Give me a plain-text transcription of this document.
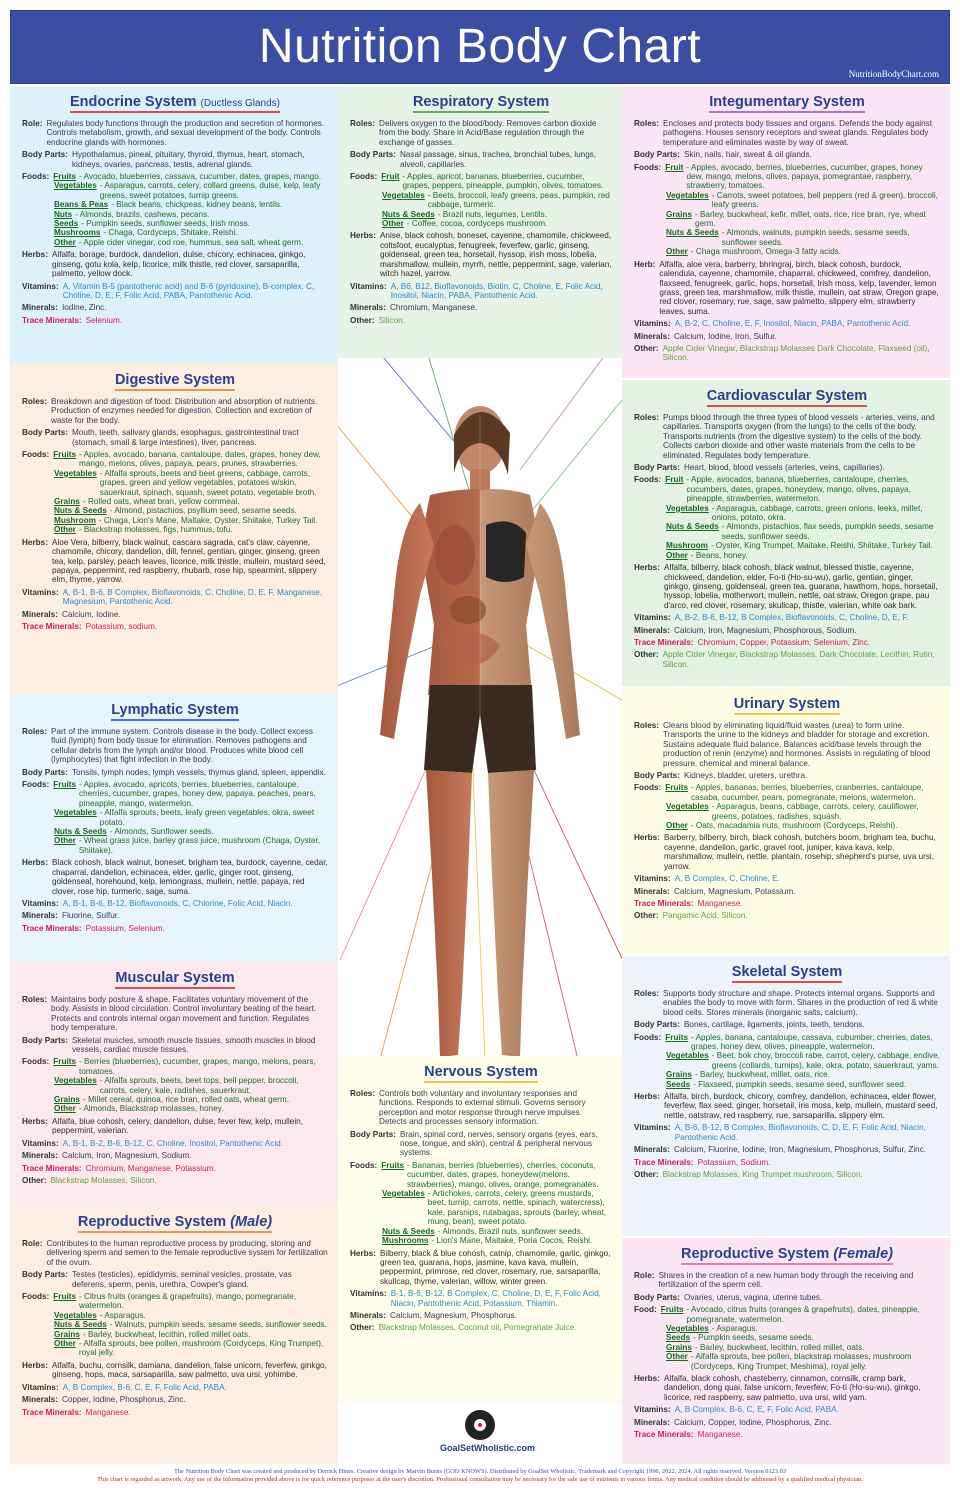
Nutrition Body Chart
NutritionBodyChart.com
Endocrine System (Ductless Glands)
Role: Regulates body functions through the production and secretion of hormones. Controls metabolism, growth, and sexual development of the body. Controls endocrine glands with hormones.
Body Parts: Hypothalamus, pineal, pituitary, thyroid, thymus, heart, stomach, kidneys, ovaries, pancreas, testis, adrenal glands.
Foods: Fruits - Avocado, blueberries, cassava, cucumber, dates, grapes, mango.
Vegetables - Asparagus, carrots, celery, collard greens, dulse, kelp, leafy greens, sweet potatoes, turnip greens.
Beans & Peas - Black beans, chickpeas, kidney beans, lentils.
Nuts - Almonds, brazils, cashews, pecans.
Seeds - Pumpkin seeds, sunflower seeds, Irish moss.
Mushrooms - Chaga, Cordyceps, Shitake, Reishi.
Other - Apple cider vinegar, cod roe, hummus, sea salt, wheat germ.
Herbs: Alfalfa, borage, burdock, dandelion, dulse, chicory, echinacea, ginkgo, ginseng, gotu kola, kelp, licorice, milk thistle, red clover, sarsaparilla, palmetto, yellow dock.
Vitamins: A, Vitamin B-5 (pantothenic acid) and B-6 (pyridoxine), B-complex, C, Choline, D, E, F, Folic Acid, PABA, Pantothenic Acid.
Minerals: Iodine, Zinc.
Trace Minerals: Selenium.
Respiratory System
Roles: Delivers oxygen to the blood/body. Removes carbon dioxide from the body. Share in Acid/Base regulation through the exchange of gasses.
Body Parts: Nasal passage, sinus, trachea, bronchial tubes, lungs, alveoli, capillaries.
Foods: Fruit - Apples, apricot, bananas, blueberries, cucumber, grapes, peppers, pineapple, pumpkin, olives, tomatoes.
Vegetables - Beets, broccoli, leafy greens, peas, pumpkin, red cabbage, turmeric.
Nuts & Seeds - Brazil nuts, legumes, Lentils.
Other - Coffee, cocoa, cordyceps mushroom.
Herbs: Anise, black cohosh, boneset, cayenne, chamomile, chickweed, coltsfoot, eucalyptus, fenugreek, feverfew, garlic, ginseng, goldenseal, green tea, horsetail, hyssop, irish moss, lobelia, marshmallow, mullein, myrrh, nettle, peppermint, sage, valerian, witch hazel, yarrow.
Vitamins: A, B6, B12, Bioflavonoids, Biotin, C, Choline, E, Folic Acid, Inositol, Niacin, PABA, Pantothenic Acid.
Minerals: Chromium, Manganese.
Other: Silicon.
Integumentary System
Roles: Encloses and protects body tissues and organs. Defends the body against pathogens. Houses sensory receptors and sweat glands. Regulates body temperature and eliminates waste by way of sweat.
Body Parts: Skin, nails, hair, sweat & oil glands.
Foods: Fruit - Apples, avocado, berries, blueberries, cucumber, grapes, honey dew, mango, melons, olives, papaya, pomegrantae, raspberry, strawberry, tomatoes.
Vegetables - Carrots, sweet potatoes, bell peppers (red & green), broccoli, leafy greens.
Grains - Barley, buckwheat, kefir, millet, oats, rice, rice bran, rye, wheat germ.
Nuts & Seeds - Almonds, walnuts, pumpkin seeds, sesame seeds, sunflower seeds.
Other - Chaga mushroom, Omega-3 fatty acids.
Herb: Alfalfa, aloe vera, barberry, bhringraj, birch, black cohosh, burdock, calendula, cayenne, chamomile, chaparral, chickweed, comfrey, dandelion, flaxseed, fenugreek, garlic, hops, horsetail, Irish moss, kelp, lavender, lemon grass, green tea, marshmallow, milk thistle, mullein, oat straw, Oregon grape, red clover, rosemary, rue, sage, saw palmetto, slippery elm, strawberry leaves, suma.
Vitamins: A, B-2, C, Choline, E, F, Inositol, Niacin, PABA, Pantothenic Acid.
Minerals: Calcium, Iodine, Iron, Sulfur.
Other: Apple Cider Vinegar, Blackstrap Molasses Dark Chocolate, Flaxseed (oil), Silicon.
Digestive System
Roles: Breakdown and digestion of food. Distribution and absorption of nutrients. Production of enzymes needed for digestion. Collection and excretion of waste for the body.
Body Parts: Mouth, teeth, salivary glands, esophagus, gastrointestinal tract (stomach, small & large intestines), liver, pancreas.
Foods: Fruits - Apples, avocado, banana, cantaloupe, dates, grapes, honey dew, mango, melons, olives, papaya, pears, prunes, strawberries.
Vegetables - Alfalfa sprouts, beets and beet greens, cabbage, carrots, grapes, green and yellow vegetables, potatoes w/skin, sauerkraut, spinach, squash, sweet potato, vegetable broth.
Grains - Rolled oats, wheat bran, yellow cornmeal.
Nuts & Seeds - Almond, pistachios, psyllium seed, sesame seeds.
Mushroom - Chaga, Lion's Mane, Maitake, Oyster, Shiitake, Turkey Tail.
Other - Blackstrap molasses, figs, hummus, tofu.
Herbs: Aloe Vera, bilberry, black walnut, cascara sagrada, cat's claw, cayenne, chamomile, chicory, dandelion, dill, fennel, gentian, ginger, ginseng, green tea, kelp, parsley, peach leaves, licorice, milk thistle, mullein, mustard seed, papaya, peppermint, red raspberry, rhubarb, rose hip, spearmint, slippery elm, thyme, yarrow.
Vitamins: A, B-1, B-6, B Complex, Bioflavonoids, C, Choline, D, E, F, Manganese, Magnesium, Pantothenic Acid.
Minerals: Calcium, Iodine.
Trace Minerals: Potassium, sodium.
Cardiovascular System
Roles: Pumps blood through the three types of blood vessels - arteries, veins, and capillaries. Transports oxygen (from the lungs) to the cells of the body. Transports nutrients (from the digestive system) to the cells of the body. Collects carbon dioxide and other waste materials from the cells to be eliminated. Regulates body temperature.
Body Parts: Heart, blood, blood vessels (arteries, veins, capillaries).
Foods: Fruit - Apple, avocados, banana, blueberries, cantaloupe, cherries, cucumbers, dates, grapes, honeydew, mango, olives, papaya, pineapple, strawberries, watermelon.
Vegetables - Asparagus, cabbage, carrots, green onions, leeks, millet, onions, potato, okra.
Nuts & Seeds - Almonds, pistachios, flax seeds, pumpkin seeds, sesame seeds, sunflower seeds.
Mushroom - Oyster, King Trumpet, Maitake, Reishi, Shiitake, Turkey Tail.
Other - Beans, honey.
Herbs: Alfalfa, bilberry, black cohosh, black walnut, blessed thistle, cayenne, chickweed, dandelion, elder, Fo-ti (Ho-su-wu), garlic, gentian, ginger, ginkgo, ginseng, goldenseal, green tea, guarana, hawthorn, hops, horsetail, hyssop, lobelia, motherwort, mullein, nettle, oat straw, Oregon grape, pau d'arco, red clover, rosemary, skullcap, thistle, valerian, white oak bark.
Vitamins: A, B-2, B-6, B-12, B Complex, Bioflavonoids, C, Choline, D, E, F.
Minerals: Calcium, Iron, Magnesium, Phosphorous, Sodium.
Trace Minerals: Chromium, Copper, Potassium, Selenium, Zinc.
Other: Apple Cider Vinegar, Blackstrap Molasses, Dark Chocolate, Lecithin, Rutin, Silicon.
Lymphatic System
Roles: Part of the immune system. Controls disease in the body. Collect excess fluid (lymph) from body tissue for elimination. Removes pathogens and cellular debris from the lymph and/or blood. Produces white blood cell (lymphocytes) that fight infection in the body.
Body Parts: Tonsils, lymph nodes, lymph vessels, thymus gland, spleen, appendix.
Foods: Fruits - Apples, avocado, apricots, berries, blueberries, cantaloupe, cherries, cucumber, grapes, honey dew, papaya, peaches, pears, pineapple, mango, watermelon.
Vegetables - Alfalfa sprouts, beets, leafy green vegetables, okra, sweet potato.
Nuts & Seeds - Almonds, Sunflower seeds.
Other - Wheat grass juice, barley grass juice, mushroom (Chaga, Oyster, Shiitake).
Herbs: Black cohosh, black walnut, boneset, brigham tea, burdock, cayenne, cedar, chaparral, dandelion, echinacea, elder, garlic, ginger root, ginseng, goldenseal, horehound, kelp, lemongrass, mullein, nettle, papaya, red clover, rose hip, turmeric, sage, suma.
Vitamins: A, B-1, B-6, B-12, Bioflavonoids, C, Chlorine, Folic Acid, Niacin.
Minerals: Fluorine, Sulfur.
Trace Minerals: Potassium, Selenium.
Urinary System
Roles: Cleans blood by eliminating liquid/fluid wastes (urea) to form urine. Transports the urine to the kidneys and bladder for storage and excretion. Sustains adequate fluid balance. Balances acid/base levels through the production of renin (enzyme) and hormones. Assists in regulating of blood pressure, chemical and mineral balance.
Body Parts: Kidneys, bladder, ureters, urethra.
Foods: Fruits - Apples, bananas, berries, blueberries, cranberries, cantaloupe, casaba, cucumber, pears, pomegranate, melons, watermelon.
Vegetables - Asparagus, beans, cabbage, carrots, celery, cauliflower, greens, potatoes, radishes, squash.
Other - Oats, macadamia nuts, mushroom (Cordyceps, Reishi).
Herbs: Barberry, bilberry, birch, black cohosh, butchers boom, brigham tea, buchu, cayenne, dandelion, garlic, gravel root, juniper, kava kava, kelp, marshmallow, mullein, nettle, plantain, rosehip, shepherd's purse, uva ursi, yarrow.
Vitamins: A, B Complex, C, Choline, E.
Minerals: Calcium, Magnesium, Potassium.
Trace Minerals: Manganese.
Other: Pangamic Acid, Silicon.
Muscular System
Roles: Maintains body posture & shape. Facilitates voluntary movement of the body. Assists in blood circulation. Control involuntary beating of the heart. Protects and controls internal organ movement and function. Regulates body temperature.
Body Parts: Skeletal muscles, smooth muscle tissues, smooth muscles in blood vessels, cardiac muscle tissues.
Foods: Fruits - Berries (blueberries), cucumber, grapes, mango, melons, pears, tomatoes.
Vegetables - Alfalfa sprouts, beets, beet tops, bell pepper, broccoli, carrots, celery, kale, radishes, sauerkraut.
Grains - Millet cereal, quinoa, rice bran, rolled oats, wheat germ.
Other - Almonds, Blackstrap molasses, honey.
Herbs: Alfalfa, blue cohosh, celery, dandelion, dulse, fever few, kelp, mullein, peppermint, valerian.
Vitamins: A, B-1, B-2, B-6, B-12, C, Choline, Inositol, Pantothenic Acid.
Minerals: Calcium, Iron, Magnesium, Sodium.
Trace Minerals: Chromium, Manganese, Potassium.
Other: Blackstrap Molasses, Silicon.
Skeletal System
Roles: Supports body structure and shape. Protects internal organs. Supports and enables the body to move with form. Shares in the production of red & white blood cells. Stores minerals (inorganic salts, calcium).
Body Parts: Bones, cartilage, ligaments, joints, teeth, tendons.
Foods: Fruits - Apples, banana, cantaloupe, cassava, cubumber, cherries, dates, grapes, honey dew, olives, pineapple, watermelon.
Vegetables - Beet, bok choy, broccoli rabe, carrot, celery, cabbage, endive, greens (collards, turnips), kale, okra, potato, sauerkraut, yams.
Grains - Barley, buckwheat, millet, oats, rice.
Seeds - Flaxseed, pumpkin seeds, sesame seed, sunflower seed.
Herbs: Alfalfa, birch, burdock, chicory, comfrey, dandelion, echinacea, elder flower, feverfew, flax seed, ginger, horsetail, iris moss, kelp, mullein, mustard seed, nettle, oatstraw, red raspberry, rue, sarsaparilla, slippery elm.
Vitamins: A, B-6, B-12, B Complex, Bioflavonoids, C, D, E, F, Folic Acid, Niacin, Pantothenic Acid.
Minerals: Calcium, Fluorine, Iodine, Iron, Magnesium, Phosphorus, Sulfur, Zinc.
Trace Minerals: Potassium, Sodium.
Other: Blackstrap Molasses, King Trumpet mushroom, Silicon.
Nervous System
Roles: Controls both voluntary and involuntary responses and functions. Responds to external stimuli. Governs sensory perception and motor response through nerve impulses. Detects and processes sensory information.
Body Parts: Brain, spinal cord, nerves, sensory organs (eyes, ears, nose, tongue, and skin), central & peripheral nervous systems.
Foods: Fruits - Bananas, berries (blueberries), cherries, coconuts, cucumber, dates, grapes, honeydew(melons, strawberries), mango, olives, orange, pomegranates.
Vegetables - Artichokes, carrots, celery, greens mustards, beet, turnip, carrots, nettle, spinach, watercress), kale, parsnips, rutabagas, sprouts (barley, wheat, mung, bean), sweet potato.
Nuts & Seeds - Almonds, Brazil nuts, sunflower seeds.
Mushrooms - Lion's Mane, Maitake, Poria Cocos, Reishi.
Herbs: Bilberry, black & blue cohosh, catnip, chamomile, garlic, ginkgo, green tea, guarana, hops, jasmine, kava kava, mullein, peppermint, primrose, red clover, rosemary, rue, sarsaparilla, skullcap, thyme, valerian, willow, winter green.
Vitamins: B-1, B-6, B-12, B Complex, C, Choline, D, E, F, Folic Acid, Niacin, Pantothenic Acid, Potassium, Thiamin.
Minerals: Calcium, Magnesium, Phosphorus.
Other: Blackstrap Molasses, Coconut oil, Pomegranate Juice.
Reproductive System (Male)
Role: Contributes to the human reproductive process by producing, storing and delivering sperm and semen to the female reproductive system for fertilization of the ovum.
Body Parts: Testes (testicles), epididymis, seminal vesicles, prostate, vas deferens, sperm, penis, urethra, Cowper's gland.
Foods: Fruits - Citrus fruits (oranges & grapefruits), mango, pomegranate, watermelon.
Vegetables - Asparagus.
Nuts & Seeds - Walnuts, pumpkin seeds, sesame seeds, sunflower seeds.
Grains - Barley, buckwheat, lecithin, rolled millet oats.
Other - Alfalfa sprouts, bee pollen, mushroom (Cordyceps, King Trumpet), royal jelly.
Herbs: Alfalfa, buchu, cornsilk, damiana, dandelion, false unicorn, feverfew, ginkgo, ginseng, hops, maca, sarsaparilla, saw palmetto, uva ursi, yohimbe.
Vitamins: A, B Complex, B-6, C, E, F, Folic Acid, PABA.
Minerals: Copper, Iodine, Phosphorus, Zinc.
Trace Minerals: Manganese.
Reproductive System (Female)
Role: Shares in the creation of a new human body through the receiving and fertilization of the sperm cell.
Body Parts: Ovaries, uterus, vagina, uterine tubes.
Food: Fruits - Avocado, citrus fruits (oranges & grapefruits), dates, pineapple, pomegranate, watermelon.
Vegetables - Asparagus.
Seeds - Pumpkin seeds, sesame seeds.
Grains - Barley, buckwheat, lecithin, rolled millet, oats.
Other - Alfalfa sprouts, bee pollen, blackstrap molasses, mushroom (Cordyceps, King Trumpet, Meshima), royal jelly.
Herbs: Alfalfa, black cohosh, chasteberry, cinnamon, cornsilk, cramp bark, dandelion, dong quai, false unicorn, feverfew, Fo-ti (Ho-su-wu), ginkgo, licorice, red raspberry, saw palmetto, uva ursi, wild yam.
Vitamins: A, B Complex, B-6, C, E, F, Folic Acid, PABA.
Minerals: Calcium, Copper, Iodine, Phosphorus, Zinc.
Trace Minerals: Manganese.
GoalSetWholistic.com
The Nutrition Body Chart was created and produced by Derrick Hines. Creative design by Marvin Burns (GOD KNOWS). Distributed by GoalSet Wholistic, Trademark and Copyright 1996, 2022, 2024. All rights reserved. Version 0123.03
This chart is regarded as artwork. Any use of the information provided above is for quick reference purposes at the user's discretion. Professional consultation may be necessary for the safe use of nutrients in various forms. Any medical condition should be addressed by a qualified medical physician.
